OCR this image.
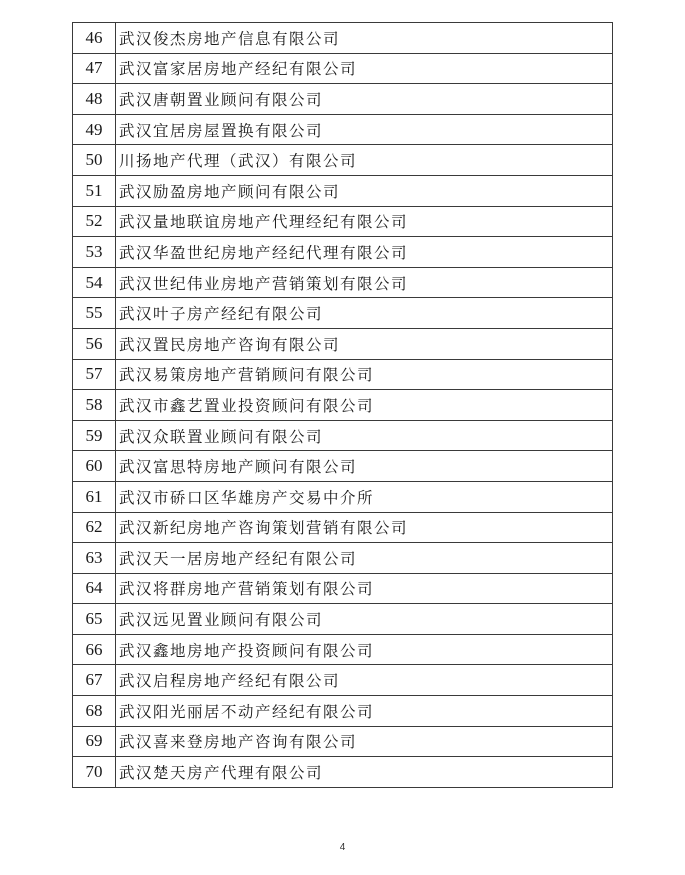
46	武汉俊杰房地产信息有限公司
47	武汉富家居房地产经纪有限公司
48	武汉唐朝置业顾问有限公司
49	武汉宜居房屋置换有限公司
50	川扬地产代理（武汉）有限公司
51	武汉励盈房地产顾问有限公司
52	武汉量地联谊房地产代理经纪有限公司
53	武汉华盈世纪房地产经纪代理有限公司
54	武汉世纪伟业房地产营销策划有限公司
55	武汉叶子房产经纪有限公司
56	武汉置民房地产咨询有限公司
57	武汉易策房地产营销顾问有限公司
58	武汉市鑫艺置业投资顾问有限公司
59	武汉众联置业顾问有限公司
60	武汉富思特房地产顾问有限公司
61	武汉市硚口区华雄房产交易中介所
62	武汉新纪房地产咨询策划营销有限公司
63	武汉天一居房地产经纪有限公司
64	武汉将群房地产营销策划有限公司
65	武汉远见置业顾问有限公司
66	武汉鑫地房地产投资顾问有限公司
67	武汉启程房地产经纪有限公司
68	武汉阳光丽居不动产经纪有限公司
69	武汉喜来登房地产咨询有限公司
70	武汉楚天房产代理有限公司
4
